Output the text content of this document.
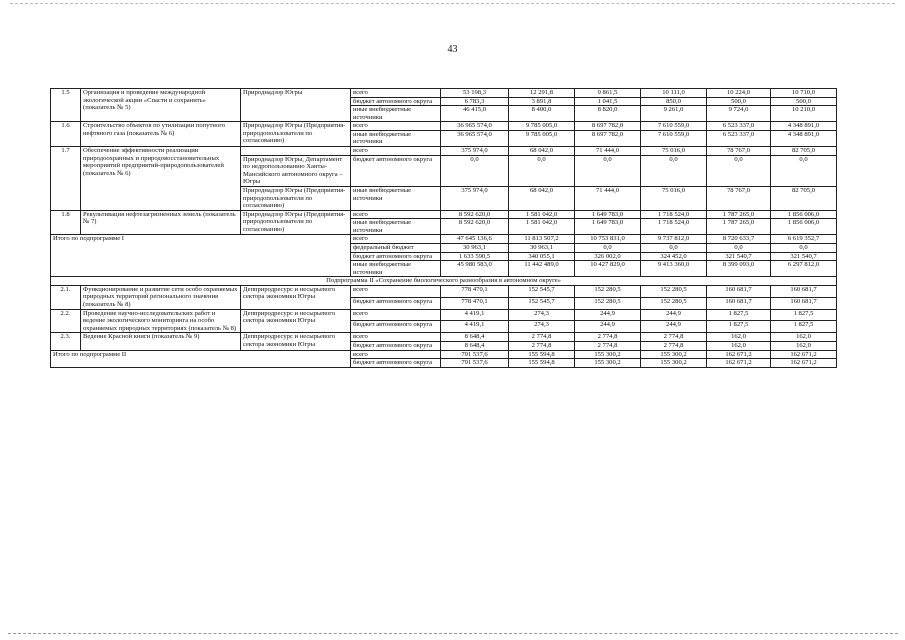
43
1.5	Организация и проведение международной экологической акции «Спасти и сохранить» (показатель № 5)	Природнадзор Югры	всего	53 198,3	12 291,8	9 861,5	10 111,0	10 224,0	10 710,0
			бюджет автономного округа	6 783,3	3 891,8	1 041,5	850,0	500,0	500,0
			иные внебюджетные источники	46 415,0	8 400,0	8 820,0	9 261,0	9 724,0	10 210,0
1.6	Строительство объектов по утилизации попутного нефтяного газа (показатель № 6)	Природнадзор Югры (Предприятия-природопользователи по согласованию)	всего	36 965 574,0	9 785 005,0	8 697 782,0	7 610 559,0	6 523 337,0	4 348 891,0
			иные внебюджетные источники	36 965 574,0	9 785 005,0	8 697 782,0	7 610 559,0	6 523 337,0	4 348 891,0
1.7	Обеспечение эффективности реализации природоохранных и природовосстановительных мероприятий предприятий-природопользователей (показатель № 6)		всего	375 974,0	68 042,0	71 444,0	75 016,0	78 767,0	82 705,0
		Природнадзор Югры, Департамент по недропользованию Ханты-Мансийского автономного округа – Югры	бюджет автономного округа	0,0	0,0	0,0	0,0	0,0	0,0
		Природнадзор Югры (Предприятия-природопользователи по согласованию)	иные внебюджетные источники	375 974,0	68 042,0	71 444,0	75 016,0	78 767,0	82 705,0
1.8	Рекультивация нефтезагрязненных земель (показатель № 7)	Природнадзор Югры (Предприятия-природопользователи по согласованию)	всего	8 592 620,0	1 581 042,0	1 649 783,0	1 718 524,0	1 787 265,0	1 856 006,0
			иные внебюджетные источники	8 592 620,0	1 581 042,0	1 649 783,0	1 718 524,0	1 787 265,0	1 856 006,0
Итого по подпрограмме I			всего	47 645 136,6	11 813 507,2	10 753 831,0	9 737 812,0	8 720 633,7	6 619 352,7
			федеральный бюджет	30 963,1	30 963,1	0,0	0,0	0,0	0,0
			бюджет автономного округа	1 633 590,5	340 055,1	326 002,0	324 452,0	321 540,7	321 540,7
			иные внебюджетные источники	45 980 583,0	11 442 489,0	10 427 829,0	9 413 360,0	8 399 093,0	6 297 812,0
Подпрограмма II «Сохранение биологического разнообразия в автономном округе»									
2.1.	Функционирование и развитие сети особо охраняемых природных территорий регионального значения (показатель № 8)	Депприродресурс и несырьевого сектора экономики Югры	всего	778 470,1	152 545,7	152 280,5	152 280,5	160 681,7	160 681,7
			бюджет автономного округа	778 470,1	152 545,7	152 280,5	152 280,5	160 681,7	160 681,7
2.2.	Проведение научно-исследовательских работ и ведение экологического мониторинга на особо охраняемых природных территориях (показатель № 8)	Депприродресурс и несырьевого сектора экономики Югры	всего	4 419,1	274,3	244,9	244,9	1 827,5	1 827,5
			бюджет автономного округа	4 419,1	274,3	244,9	244,9	1 827,5	1 827,5
2.3.	Ведение Красной книги (показатель № 9)	Депприродресурс и несырьевого сектора экономики Югры	всего	8 648,4	2 774,8	2 774,8	2 774,8	162,0	162,0
			бюджет автономного округа	8 648,4	2 774,8	2 774,8	2 774,8	162,0	162,0
Итого по подпрограмме II			всего	791 537,6	155 594,8	155 300,2	155 300,2	162 671,2	162 671,2
			бюджет автономного округа	791 537,6	155 594,8	155 300,2	155 300,2	162 671,2	162 671,2
